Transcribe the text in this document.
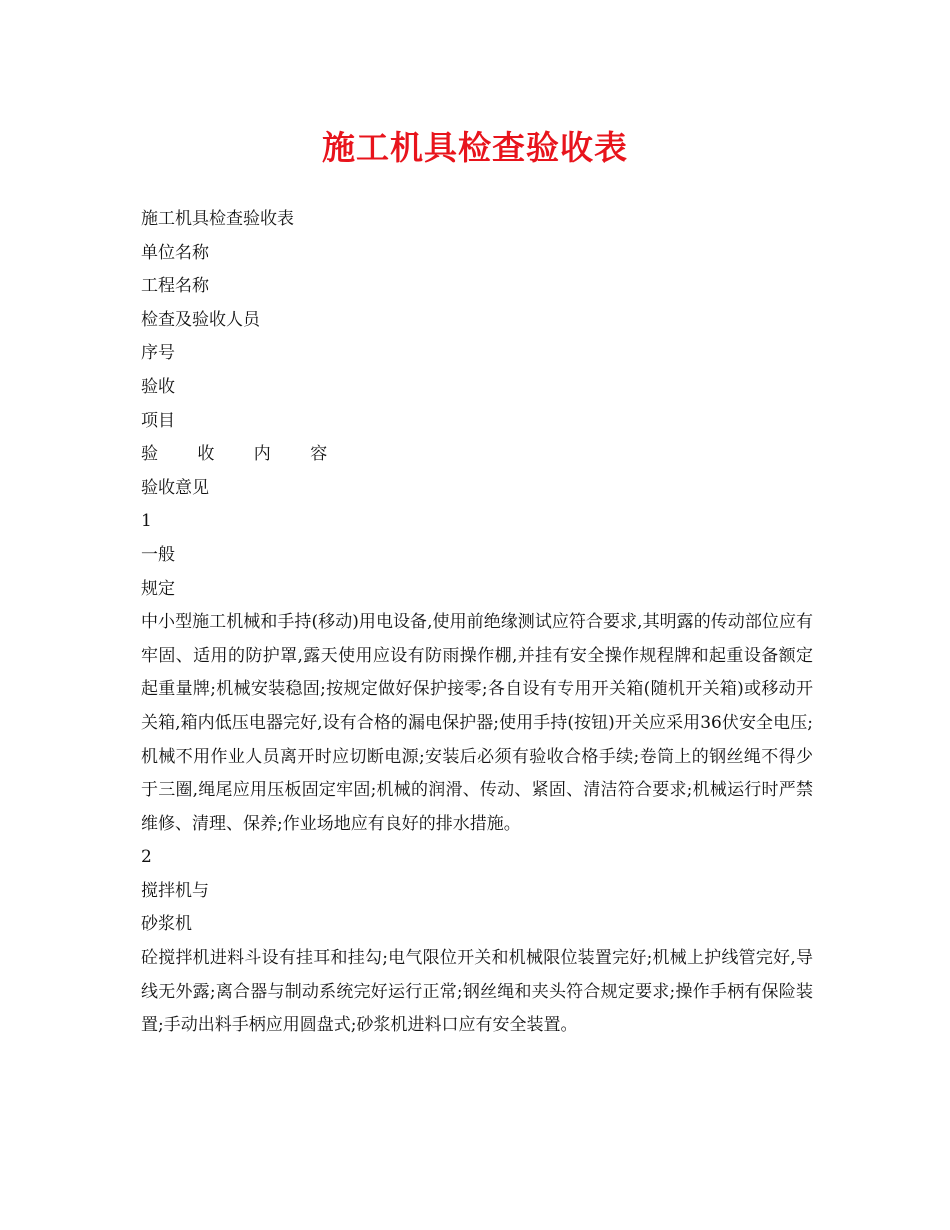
施工机具检查验收表

施工机具检查验收表

单位名称

工程名称

检查及验收人员

序号

验收

项目

验 收 内 容

验收意见

1

一般

规定

中小型施工机械和手持(移动)用电设备,使用前绝缘测试应符合要求,其明露的传动部位应有牢固、适用的防护罩,露天使用应设有防雨操作棚,并挂有安全操作规程牌和起重设备额定起重量牌;机械安装稳固;按规定做好保护接零;各自设有专用开关箱(随机开关箱)或移动开关箱,箱内低压电器完好,设有合格的漏电保护器;使用手持(按钮)开关应采用36伏安全电压;机械不用作业人员离开时应切断电源;安装后必须有验收合格手续;卷筒上的钢丝绳不得少于三圈,绳尾应用压板固定牢固;机械的润滑、传动、紧固、清洁符合要求;机械运行时严禁维修、清理、保养;作业场地应有良好的排水措施。

2

搅拌机与

砂浆机

砼搅拌机进料斗设有挂耳和挂勾;电气限位开关和机械限位装置完好;机械上护线管完好,导线无外露;离合器与制动系统完好运行正常;钢丝绳和夹头符合规定要求;操作手柄有保险装置;手动出料手柄应用圆盘式;砂浆机进料口应有安全装置。
